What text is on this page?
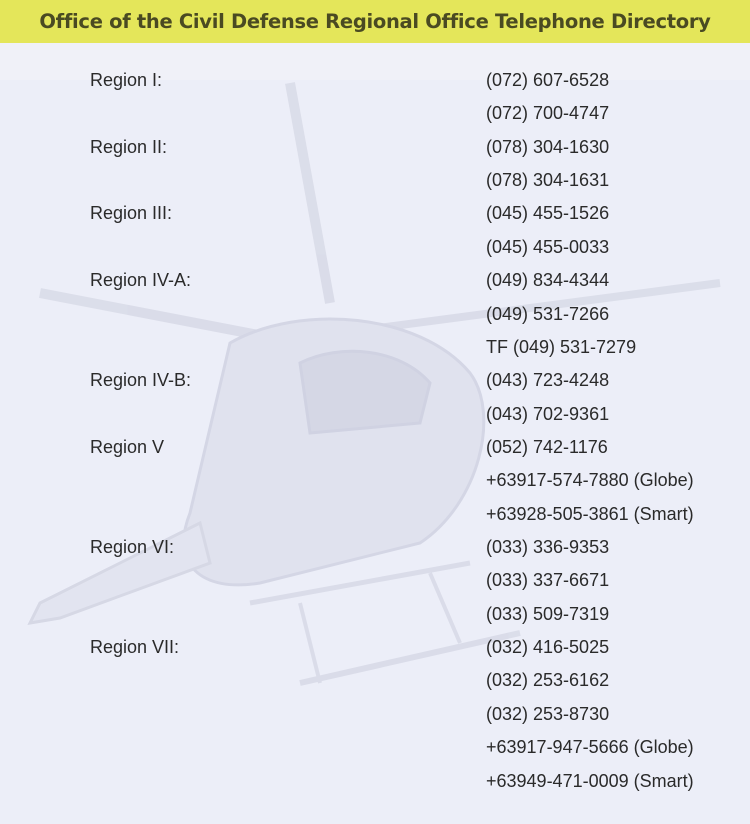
Office of the Civil Defense Regional Office Telephone Directory
Region I:	(072) 607-6528
(072) 700-4747
Region II:	(078) 304-1630
(078) 304-1631
Region III:	(045) 455-1526
(045) 455-0033
Region IV-A:	(049) 834-4344
(049) 531-7266
TF (049) 531-7279
Region IV-B:	(043) 723-4248
(043) 702-9361
Region V	(052) 742-1176
+63917-574-7880 (Globe)
+63928-505-3861 (Smart)
Region VI:	(033) 336-9353
(033) 337-6671
(033) 509-7319
Region VII:	(032) 416-5025
(032) 253-6162
(032) 253-8730
+63917-947-5666 (Globe)
+63949-471-0009 (Smart)
